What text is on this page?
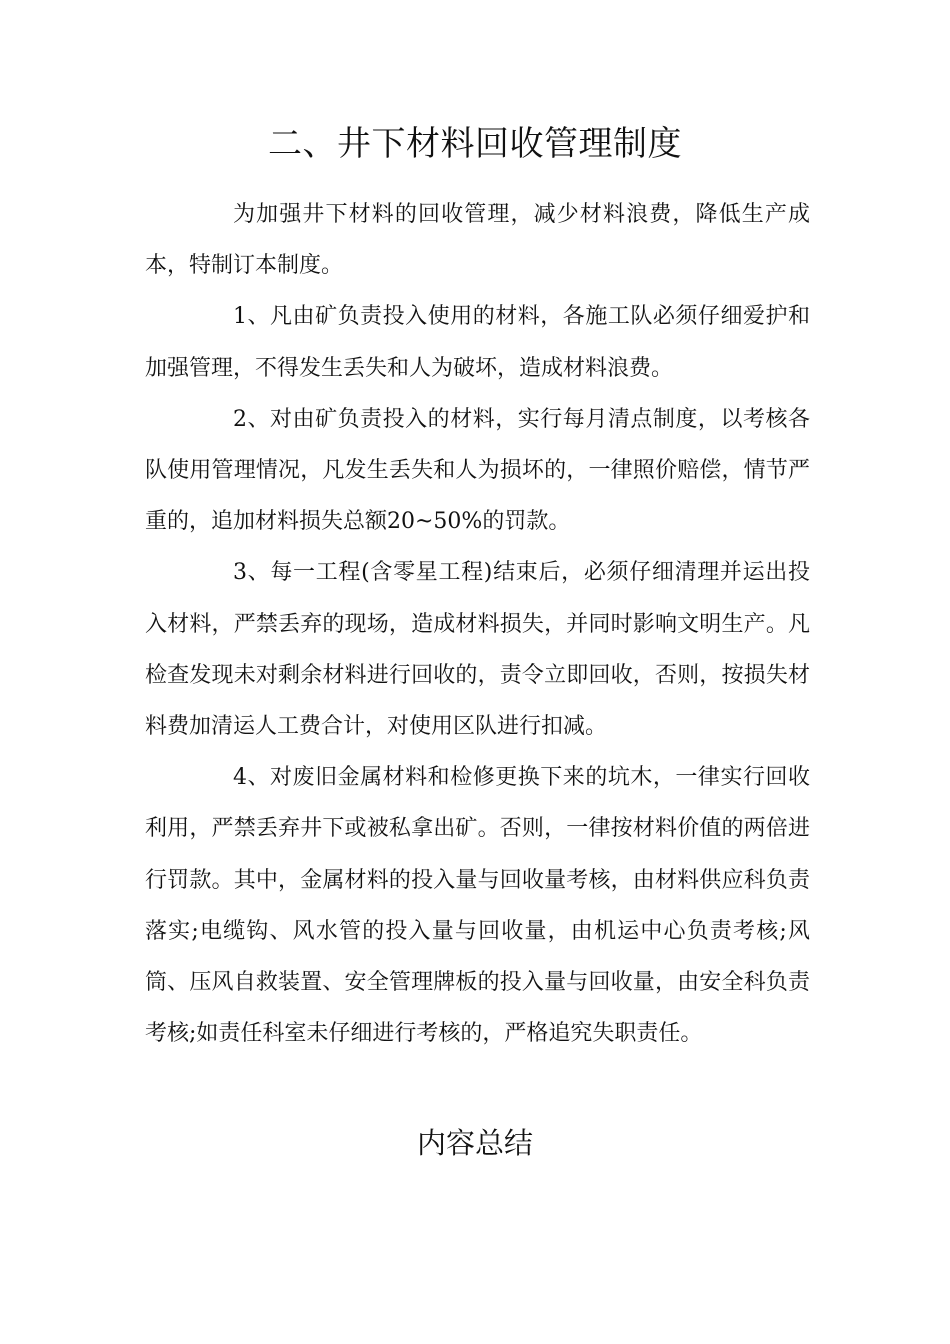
二、井下材料回收管理制度

为加强井下材料的回收管理，减少材料浪费，降低生产成本，特制订本制度。

1、凡由矿负责投入使用的材料，各施工队必须仔细爱护和加强管理，不得发生丢失和人为破坏，造成材料浪费。

2、对由矿负责投入的材料，实行每月清点制度，以考核各队使用管理情况，凡发生丢失和人为损坏的，一律照价赔偿，情节严重的，追加材料损失总额20~50%的罚款。

3、每一工程(含零星工程)结束后，必须仔细清理并运出投入材料，严禁丢弃的现场，造成材料损失，并同时影响文明生产。凡检查发现未对剩余材料进行回收的，责令立即回收，否则，按损失材料费加清运人工费合计，对使用区队进行扣减。

4、对废旧金属材料和检修更换下来的坑木，一律实行回收利用，严禁丢弃井下或被私拿出矿。否则，一律按材料价值的两倍进行罚款。其中，金属材料的投入量与回收量考核，由材料供应科负责落实;电缆钩、风水管的投入量与回收量，由机运中心负责考核;风筒、压风自救装置、安全管理牌板的投入量与回收量，由安全科负责考核;如责任科室未仔细进行考核的，严格追究失职责任。

内容总结
